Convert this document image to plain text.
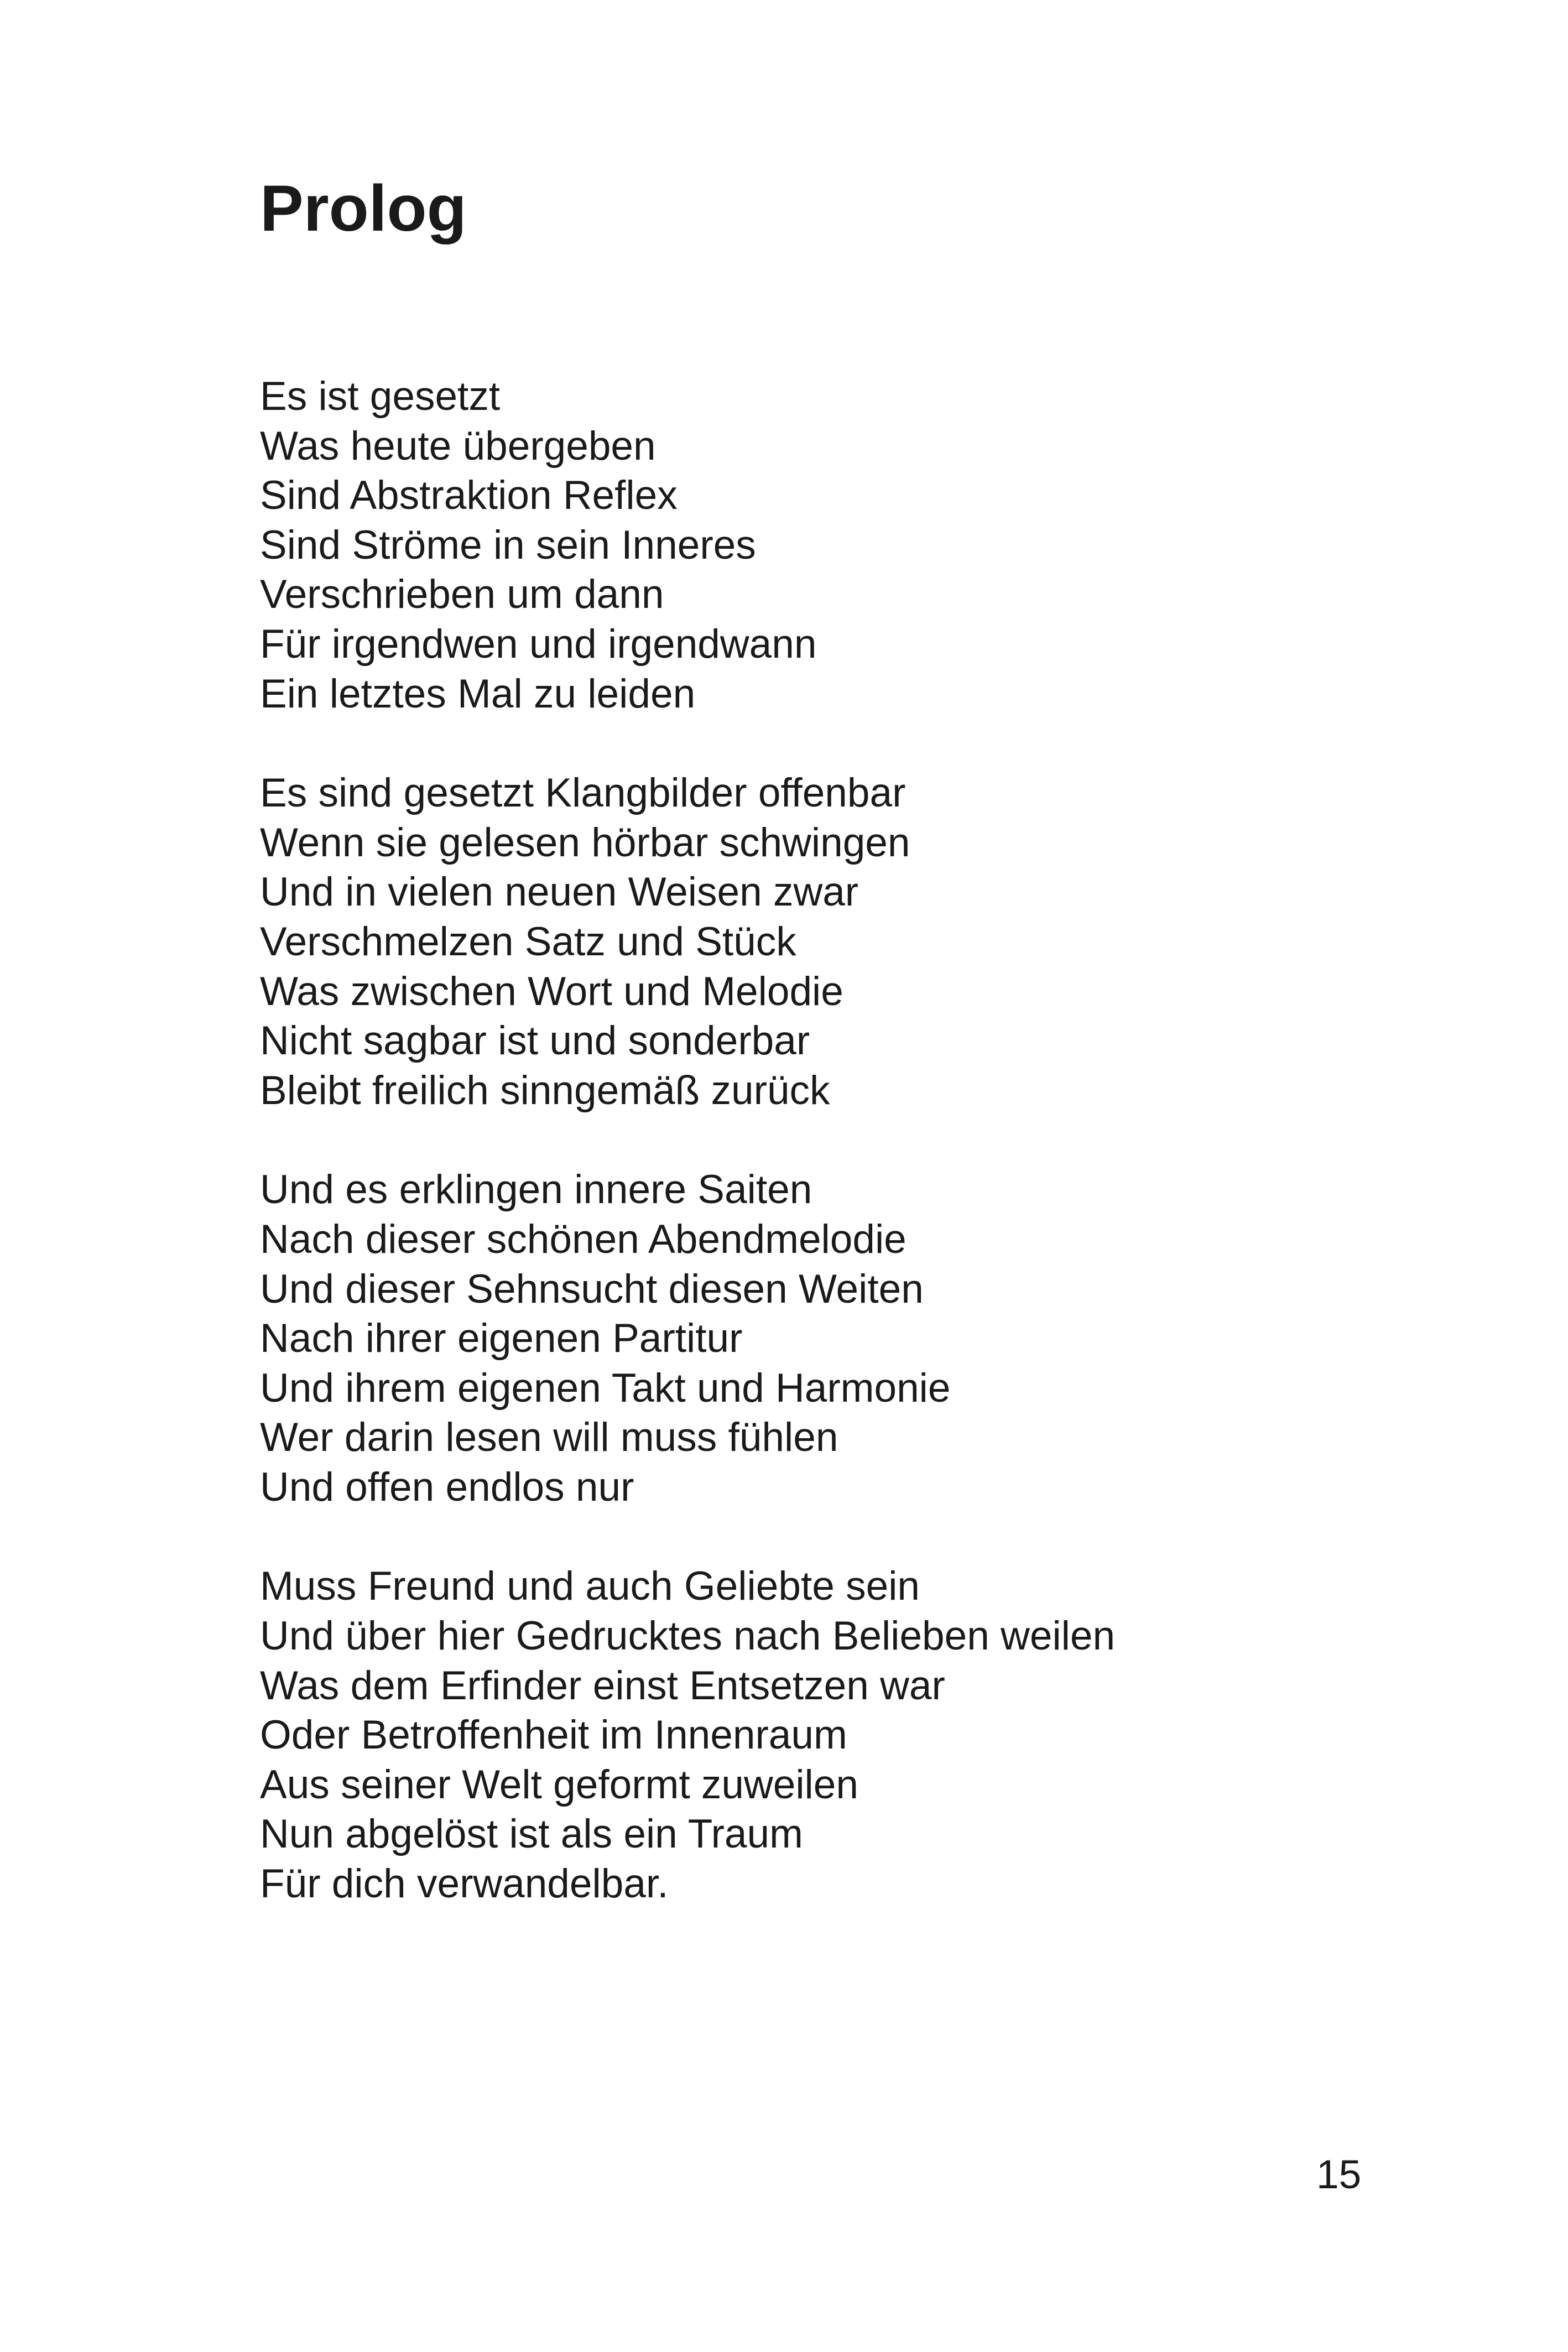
Prolog
Es ist gesetzt
Was heute übergeben
Sind Abstraktion Reflex
Sind Ströme in sein Inneres
Verschrieben um dann
Für irgendwen und irgendwann
Ein letztes Mal zu leiden
Es sind gesetzt Klangbilder offenbar
Wenn sie gelesen hörbar schwingen
Und in vielen neuen Weisen zwar
Verschmelzen Satz und Stück
Was zwischen Wort und Melodie
Nicht sagbar ist und sonderbar
Bleibt freilich sinngemäß zurück
Und es erklingen innere Saiten
Nach dieser schönen Abendmelodie
Und dieser Sehnsucht diesen Weiten
Nach ihrer eigenen Partitur
Und ihrem eigenen Takt und Harmonie
Wer darin lesen will muss fühlen
Und offen endlos nur
Muss Freund und auch Geliebte sein
Und über hier Gedrucktes nach Belieben weilen
Was dem Erfinder einst Entsetzen war
Oder Betroffenheit im Innenraum
Aus seiner Welt geformt zuweilen
Nun abgelöst ist als ein Traum
Für dich verwandelbar.
15
